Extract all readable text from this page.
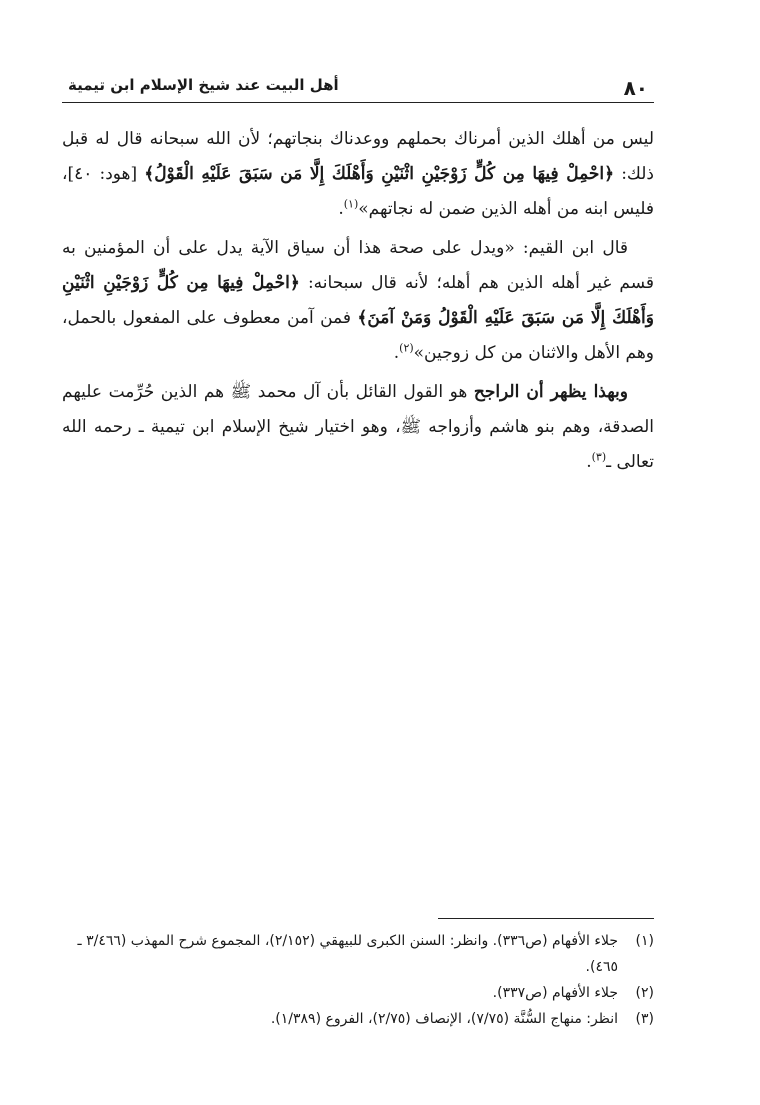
٨٠
أهل البيت عند شيخ الإسلام ابن تيمية

ليس من أهلك الذين أمرناك بحملهم ووعدناك بنجاتهم؛ لأن الله سبحانه قال له قبل ذلك: ﴿احْمِلْ فِيهَا مِن كُلٍّ زَوْجَيْنِ اثْنَيْنِ وَأَهْلَكَ إِلَّا مَن سَبَقَ عَلَيْهِ الْقَوْلُ﴾ [هود: ٤٠]، فليس ابنه من أهله الذين ضمن له نجاتهم»$^{(١)}$.

قال ابن القيم: «ويدل على صحة هذا أن سياق الآية يدل على أن المؤمنين به قسم غير أهله الذين هم أهله؛ لأنه قال سبحانه: ﴿احْمِلْ فِيهَا مِن كُلٍّ زَوْجَيْنِ اثْنَيْنِ وَأَهْلَكَ إِلَّا مَن سَبَقَ عَلَيْهِ الْقَوْلُ وَمَنْ آمَنَ﴾ فمن آمن معطوف على المفعول بالحمل، وهم الأهل والاثنان من كل زوجين»$^{(٢)}$.

وبهذا يظهر أن الراجح هو القول القائل بأن آل محمد ﷺ هم الذين حُرِّمت عليهم الصدقة، وهم بنو هاشم وأزواجه ﷺ، وهو اختيار شيخ الإسلام ابن تيمية ـ رحمه الله تعالى ـ$^{(٣)}$.

(١)
جلاء الأفهام (ص٣٣٦). وانظر: السنن الكبرى للبيهقي (٢/١٥٢)، المجموع شرح المهذب (٣/٤٦٦ ـ ٤٦٥).
(٢)
جلاء الأفهام (ص٣٣٧).
(٣)
انظر: منهاج السُّنَّة (٧/٧٥)، الإنصاف (٢/٧٥)، الفروع (١/٣٨٩).
